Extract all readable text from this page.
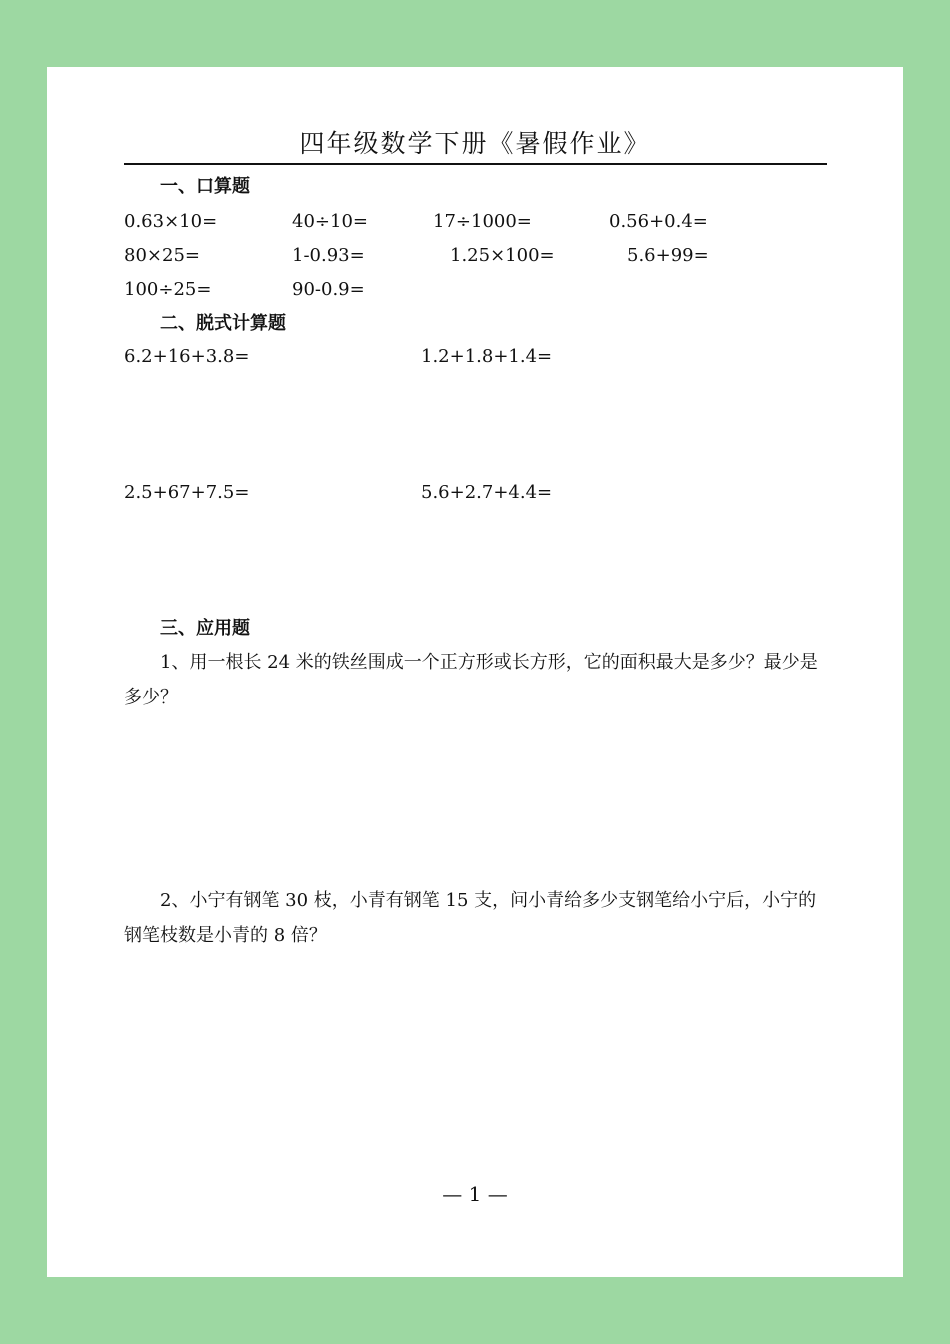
四年级数学下册《暑假作业》
一、口算题
0.63×10=	40÷10=	17÷1000=	0.56+0.4=
80×25=	1-0.93=	1.25×100=	5.6+99=
100÷25=	90-0.9=
二、脱式计算题
6.2+16+3.8=	1.2+1.8+1.4=
2.5+67+7.5=	5.6+2.7+4.4=
三、应用题
1、用一根长 24 米的铁丝围成一个正方形或长方形，它的面积最大是多少？最少是多少？
2、小宁有钢笔 30 枝，小青有钢笔 15 支，问小青给多少支钢笔给小宁后，小宁的钢笔枝数是小青的 8 倍？
— 1 —
